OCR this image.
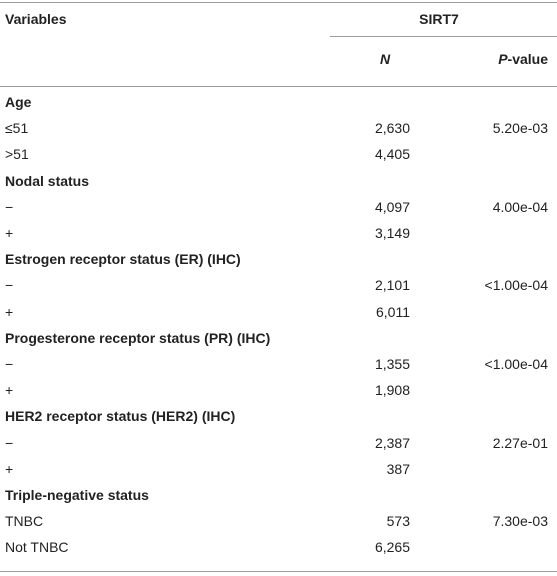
Variables	SIRT7
N	P-value
Age
≤51	2,630	5.20e-03
>51	4,405
Nodal status
−	4,097	4.00e-04
+	3,149
Estrogen receptor status (ER) (IHC)
−	2,101	<1.00e-04
+	6,011
Progesterone receptor status (PR) (IHC)
−	1,355	<1.00e-04
+	1,908
HER2 receptor status (HER2) (IHC)
−	2,387	2.27e-01
+	387
Triple-negative status
TNBC	573	7.30e-03
Not TNBC	6,265
